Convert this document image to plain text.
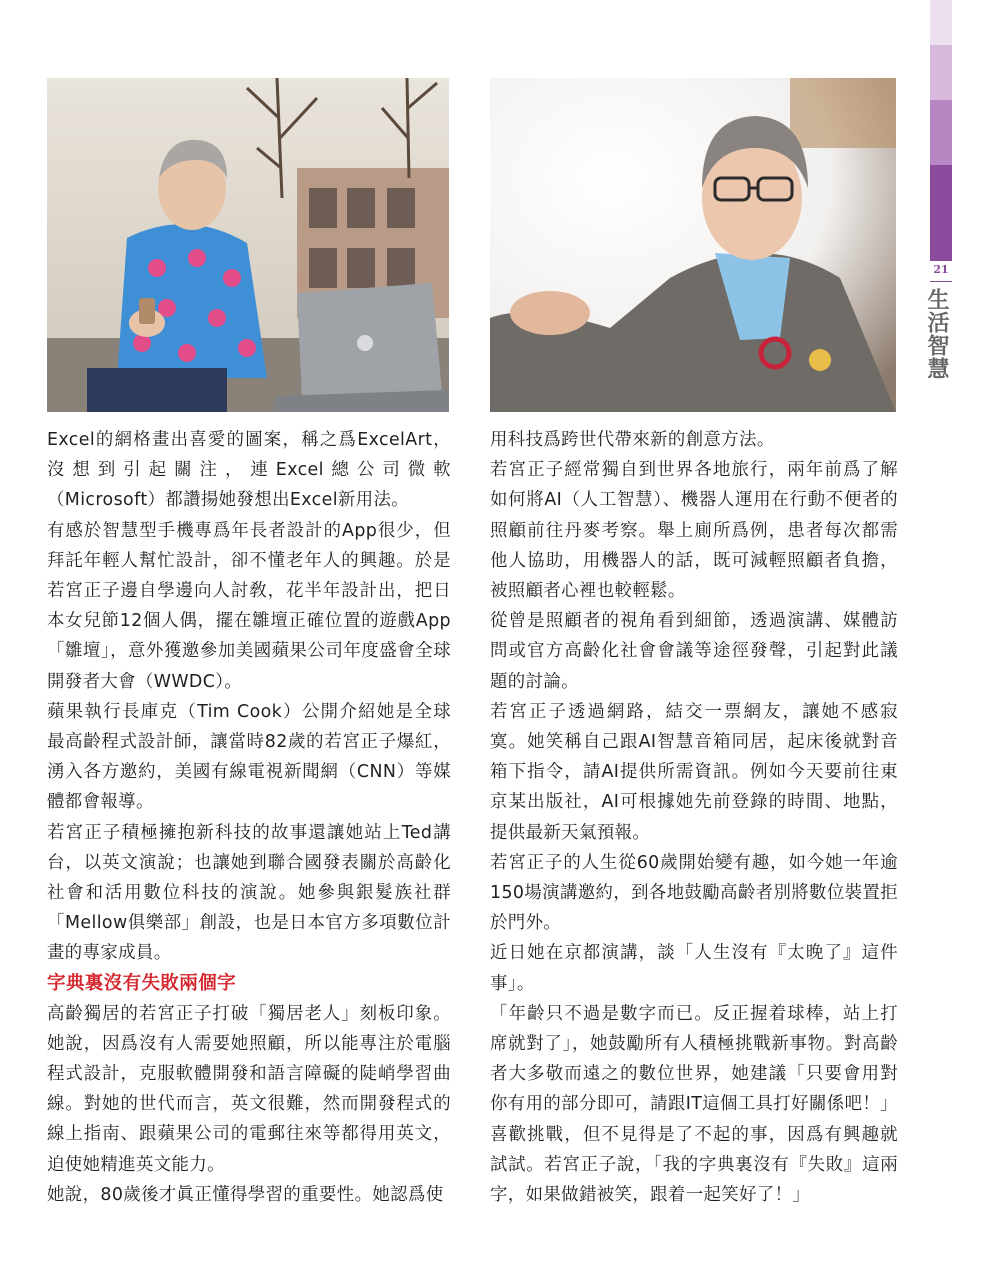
21
生活智慧

Excel的網格畫出喜愛的圖案，稱之爲ExcelArt，沒想到引起關注，連Excel總公司微軟（Microsoft）都讚揚她發想出Excel新用法。

有感於智慧型手機專爲年長者設計的App很少，但拜託年輕人幫忙設計，卻不懂老年人的興趣。於是若宮正子邊自學邊向人討敎，花半年設計出，把日本女兒節12個人偶，擺在雛壇正確位置的遊戲App「雛壇」，意外獲邀參加美國蘋果公司年度盛會全球開發者大會（WWDC）。

蘋果執行長庫克（Tim Cook）公開介紹她是全球最高齡程式設計師，讓當時82歲的若宮正子爆紅，湧入各方邀約，美國有線電視新聞網（CNN）等媒體都會報導。

若宮正子積極擁抱新科技的故事還讓她站上Ted講台，以英文演說；也讓她到聯合國發表關於高齡化社會和活用數位科技的演說。她參與銀髮族社群「Mellow俱樂部」創設，也是日本官方多項數位計畫的專家成員。

字典裏沒有失敗兩個字

高齡獨居的若宮正子打破「獨居老人」刻板印象。她說，因爲沒有人需要她照顧，所以能專注於電腦程式設計，克服軟體開發和語言障礙的陡峭學習曲線。對她的世代而言，英文很難，然而開發程式的線上指南、跟蘋果公司的電郵往來等都得用英文，迫使她精進英文能力。

她說，80歲後才眞正懂得學習的重要性。她認爲使

用科技爲跨世代帶來新的創意方法。

若宮正子經常獨自到世界各地旅行，兩年前爲了解如何將AI（人工智慧）、機器人運用在行動不便者的照顧前往丹麥考察。舉上廁所爲例，患者每次都需他人協助，用機器人的話，既可減輕照顧者負擔，被照顧者心裡也較輕鬆。

從曾是照顧者的視角看到細節，透過演講、媒體訪問或官方高齡化社會會議等途徑發聲，引起對此議題的討論。

若宮正子透過網路，結交一票網友，讓她不感寂寞。她笑稱自己跟AI智慧音箱同居，起床後就對音箱下指令，請AI提供所需資訊。例如今天要前往東京某出版社，AI可根據她先前登錄的時間、地點，提供最新天氣預報。

若宮正子的人生從60歲開始變有趣，如今她一年逾150場演講邀約，到各地鼓勵高齡者別將數位裝置拒於門外。

近日她在京都演講，談「人生沒有『太晚了』這件事」。

「年齡只不過是數字而已。反正握着球棒，站上打席就對了」，她鼓勵所有人積極挑戰新事物。對高齡者大多敬而遠之的數位世界，她建議「只要會用對你有用的部分即可，請跟IT這個工具打好關係吧！」

喜歡挑戰，但不見得是了不起的事，因爲有興趣就試試。若宮正子說，「我的字典裏沒有『失敗』這兩字，如果做錯被笑，跟着一起笑好了！」
